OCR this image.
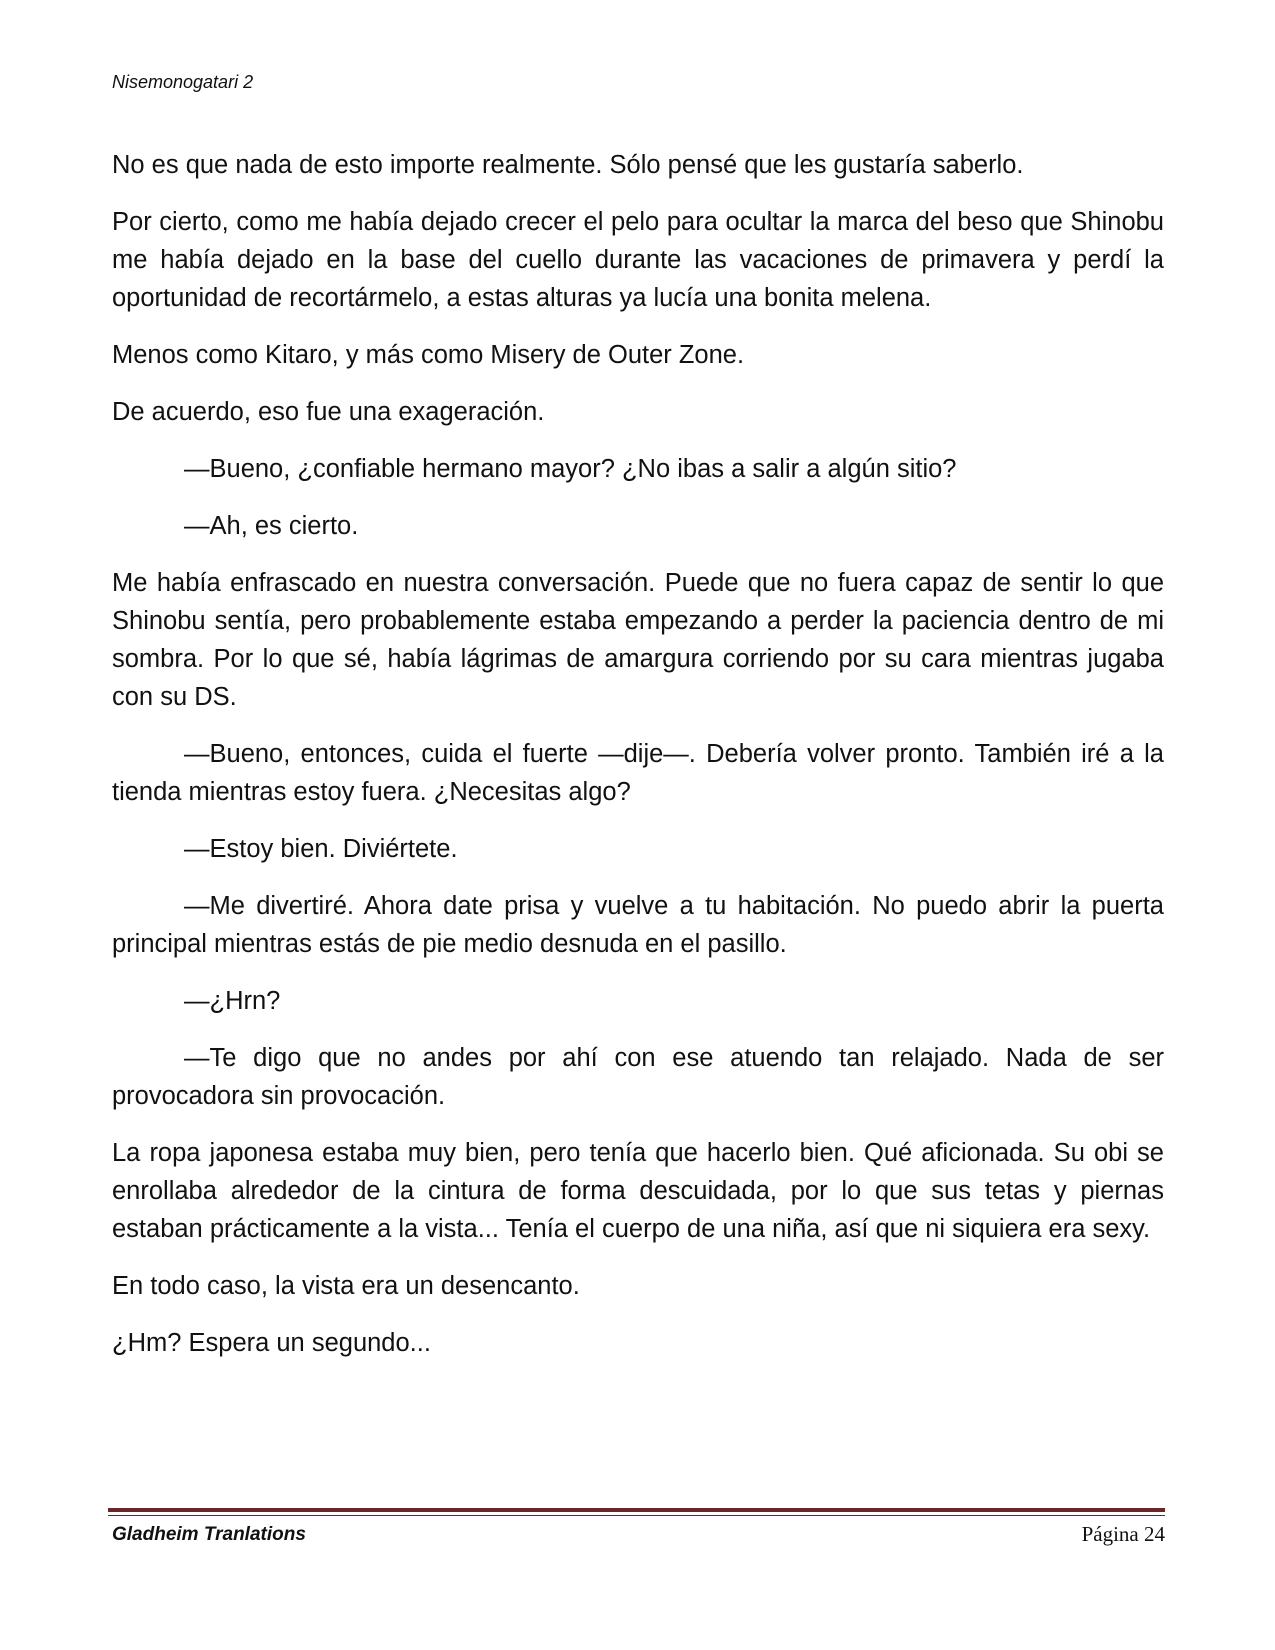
Nisemonogatari 2

No es que nada de esto importe realmente. Sólo pensé que les gustaría saberlo.

Por cierto, como me había dejado crecer el pelo para ocultar la marca del beso que Shinobu me había dejado en la base del cuello durante las vacaciones de primavera y perdí la oportunidad de recortármelo, a estas alturas ya lucía una bonita melena.

Menos como Kitaro, y más como Misery de Outer Zone.

De acuerdo, eso fue una exageración.

—Bueno, ¿confiable hermano mayor? ¿No ibas a salir a algún sitio?

—Ah, es cierto.

Me había enfrascado en nuestra conversación. Puede que no fuera capaz de sentir lo que Shinobu sentía, pero probablemente estaba empezando a perder la paciencia dentro de mi sombra. Por lo que sé, había lágrimas de amargura corriendo por su cara mientras jugaba con su DS.

—Bueno, entonces, cuida el fuerte —dije—. Debería volver pronto. También iré a la tienda mientras estoy fuera. ¿Necesitas algo?

—Estoy bien. Diviértete.

—Me divertiré. Ahora date prisa y vuelve a tu habitación. No puedo abrir la puerta principal mientras estás de pie medio desnuda en el pasillo.

—¿Hrn?

—Te digo que no andes por ahí con ese atuendo tan relajado. Nada de ser provocadora sin provocación.

La ropa japonesa estaba muy bien, pero tenía que hacerlo bien. Qué aficionada. Su obi se enrollaba alrededor de la cintura de forma descuidada, por lo que sus tetas y piernas estaban prácticamente a la vista... Tenía el cuerpo de una niña, así que ni siquiera era sexy.

En todo caso, la vista era un desencanto.

¿Hm? Espera un segundo...

Gladheim Tranlations	Página 24
